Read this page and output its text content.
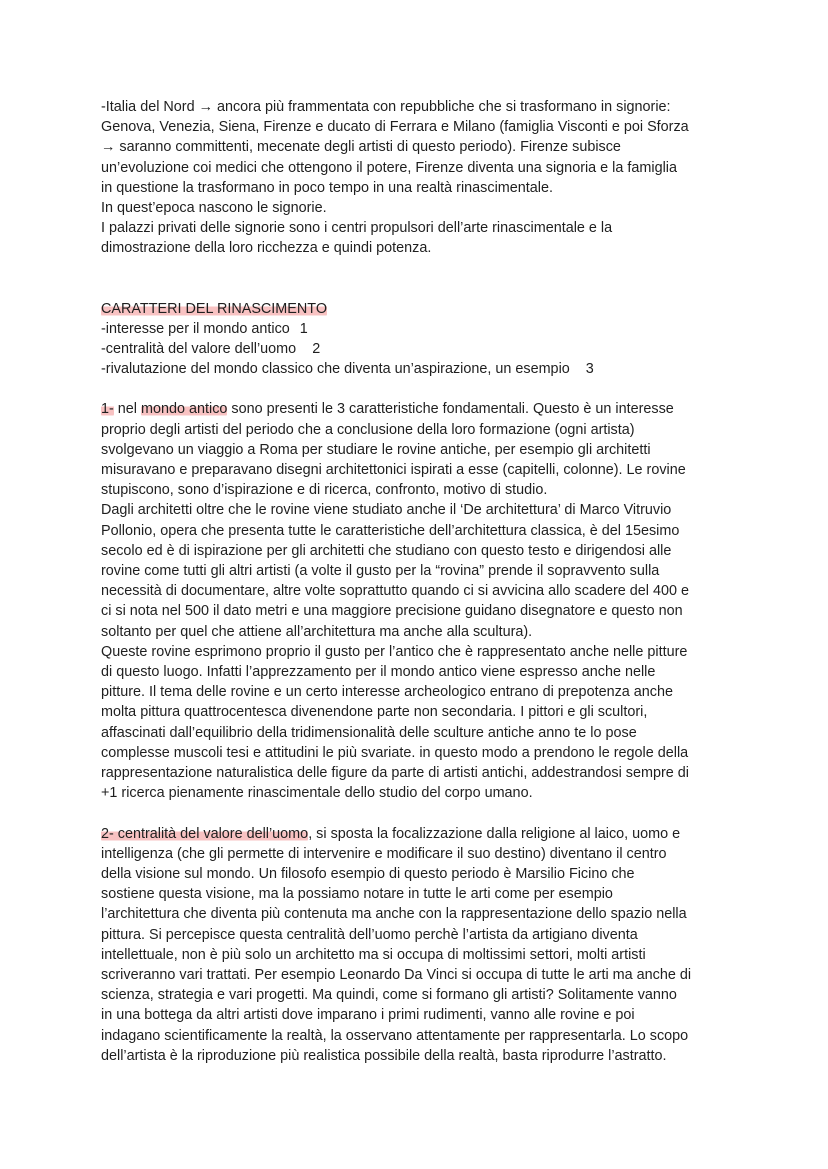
-Italia del Nord → ancora più frammentata con repubbliche che si trasformano in signorie:
Genova, Venezia, Siena, Firenze e ducato di Ferrara e Milano (famiglia Visconti e poi Sforza
→ saranno committenti, mecenate degli artisti di questo periodo). Firenze subisce
un’evoluzione coi medici che ottengono il potere, Firenze diventa una signoria e la famiglia
in questione la trasformano in poco tempo in una realtà rinascimentale.
In quest’epoca nascono le signorie.
I palazzi privati delle signorie sono i centri propulsori dell’arte rinascimentale e la
dimostrazione della loro ricchezza e quindi potenza.
CARATTERI DEL RINASCIMENTO
-interesse per il mondo antico 1
-centralità del valore dell’uomo 2
-rivalutazione del mondo classico che diventa un’aspirazione, un esempio 3
1- nel mondo antico sono presenti le 3 caratteristiche fondamentali. Questo è un interesse
proprio degli artisti del periodo che a conclusione della loro formazione (ogni artista)
svolgevano un viaggio a Roma per studiare le rovine antiche, per esempio gli architetti
misuravano e preparavano disegni architettonici ispirati a esse (capitelli, colonne). Le rovine
stupiscono, sono d’ispirazione e di ricerca, confronto, motivo di studio.
Dagli architetti oltre che le rovine viene studiato anche il ‘De architettura’ di Marco Vitruvio
Pollonio, opera che presenta tutte le caratteristiche dell’architettura classica, è del 15esimo
secolo ed è di ispirazione per gli architetti che studiano con questo testo e dirigendosi alle
rovine come tutti gli altri artisti (a volte il gusto per la “rovina” prende il sopravvento sulla
necessità di documentare, altre volte soprattutto quando ci si avvicina allo scadere del 400 e
ci si nota nel 500 il dato metri e una maggiore precisione guidano disegnatore e questo non
soltanto per quel che attiene all’architettura ma anche alla scultura).
Queste rovine esprimono proprio il gusto per l’antico che è rappresentato anche nelle pitture
di questo luogo. Infatti l’apprezzamento per il mondo antico viene espresso anche nelle
pitture. Il tema delle rovine e un certo interesse archeologico entrano di prepotenza anche
molta pittura quattrocentesca divenendone parte non secondaria. I pittori e gli scultori,
affascinati dall’equilibrio della tridimensionalità delle sculture antiche anno te lo pose
complesse muscoli tesi e attitudini le più svariate. in questo modo a prendono le regole della
rappresentazione naturalistica delle figure da parte di artisti antichi, addestrandosi sempre di
+1 ricerca pienamente rinascimentale dello studio del corpo umano.
2- centralità del valore dell’uomo, si sposta la focalizzazione dalla religione al laico, uomo e
intelligenza (che gli permette di intervenire e modificare il suo destino) diventano il centro
della visione sul mondo. Un filosofo esempio di questo periodo è Marsilio Ficino che
sostiene questa visione, ma la possiamo notare in tutte le arti come per esempio
l’architettura che diventa più contenuta ma anche con la rappresentazione dello spazio nella
pittura. Si percepisce questa centralità dell’uomo perchè l’artista da artigiano diventa
intellettuale, non è più solo un architetto ma si occupa di moltissimi settori, molti artisti
scriveranno vari trattati. Per esempio Leonardo Da Vinci si occupa di tutte le arti ma anche di
scienza, strategia e vari progetti. Ma quindi, come si formano gli artisti? Solitamente vanno
in una bottega da altri artisti dove imparano i primi rudimenti, vanno alle rovine e poi
indagano scientificamente la realtà, la osservano attentamente per rappresentarla. Lo scopo
dell’artista è la riproduzione più realistica possibile della realtà, basta riprodurre l’astratto.
